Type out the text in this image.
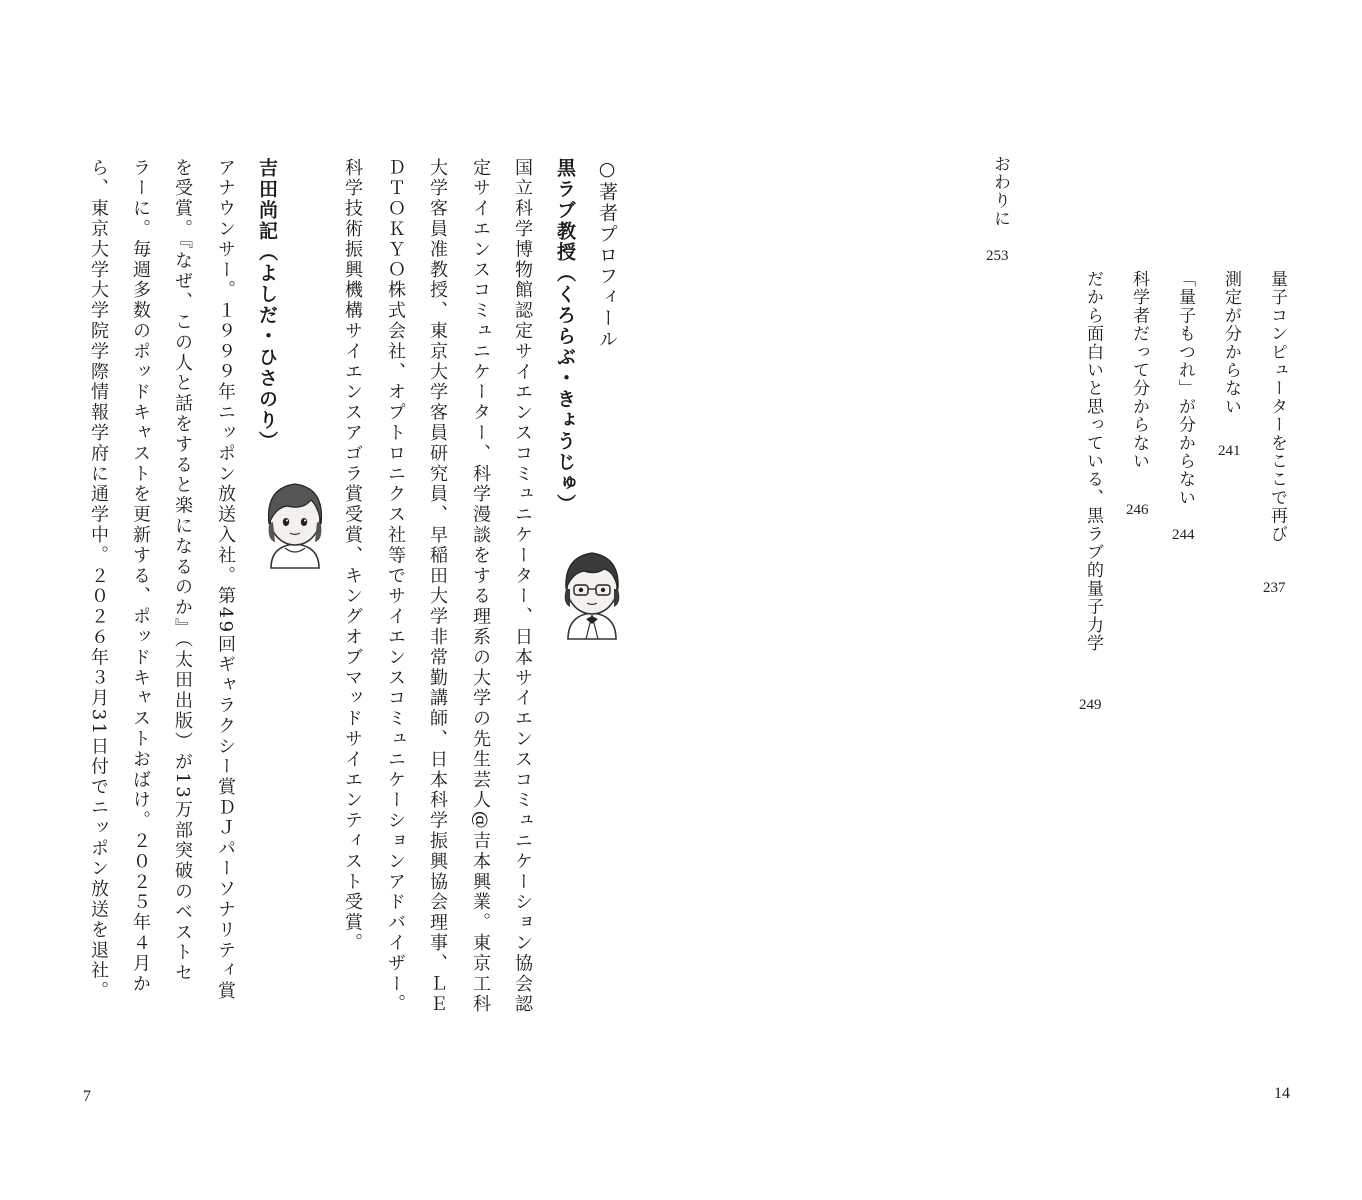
量子コンピューターをここで再び
237
測定が分からない
241
「量子もつれ」が分からない
244
科学者だって分からない
246
だから面白いと思っている、黒ラブ的量子力学
249
おわりに
253
14
○著者プロフィール
黒ラブ教授（くろらぶ・きょうじゅ）
国立科学博物館認定サイエンスコミュニケーター、日本サイエンスコミュニケーション協会認
定サイエンスコミュニケーター、科学漫談をする理系の大学の先生芸人@吉本興業。東京工科
大学客員准教授、東京大学客員研究員、早稲田大学非常勤講師、日本科学振興協会理事、ＬＥ
ＤＴＯＫＹＯ株式会社、オプトロニクス社等でサイエンスコミュニケーションアドバイザー。
科学技術振興機構サイエンスアゴラ賞受賞、キングオブマッドサイエンティスト受賞。
吉田尚記（よしだ・ひさのり）
アナウンサー。１９９９年ニッポン放送入社。第49回ギャラクシー賞ＤＪパーソナリティ賞
を受賞。『なぜ、この人と話をすると楽になるのか』（太田出版）が13万部突破のベストセ
ラーに。毎週多数のポッドキャストを更新する、ポッドキャストおばけ。２０２５年４月か
ら、東京大学大学院学際情報学府に通学中。２０２６年３月31日付でニッポン放送を退社。
7
